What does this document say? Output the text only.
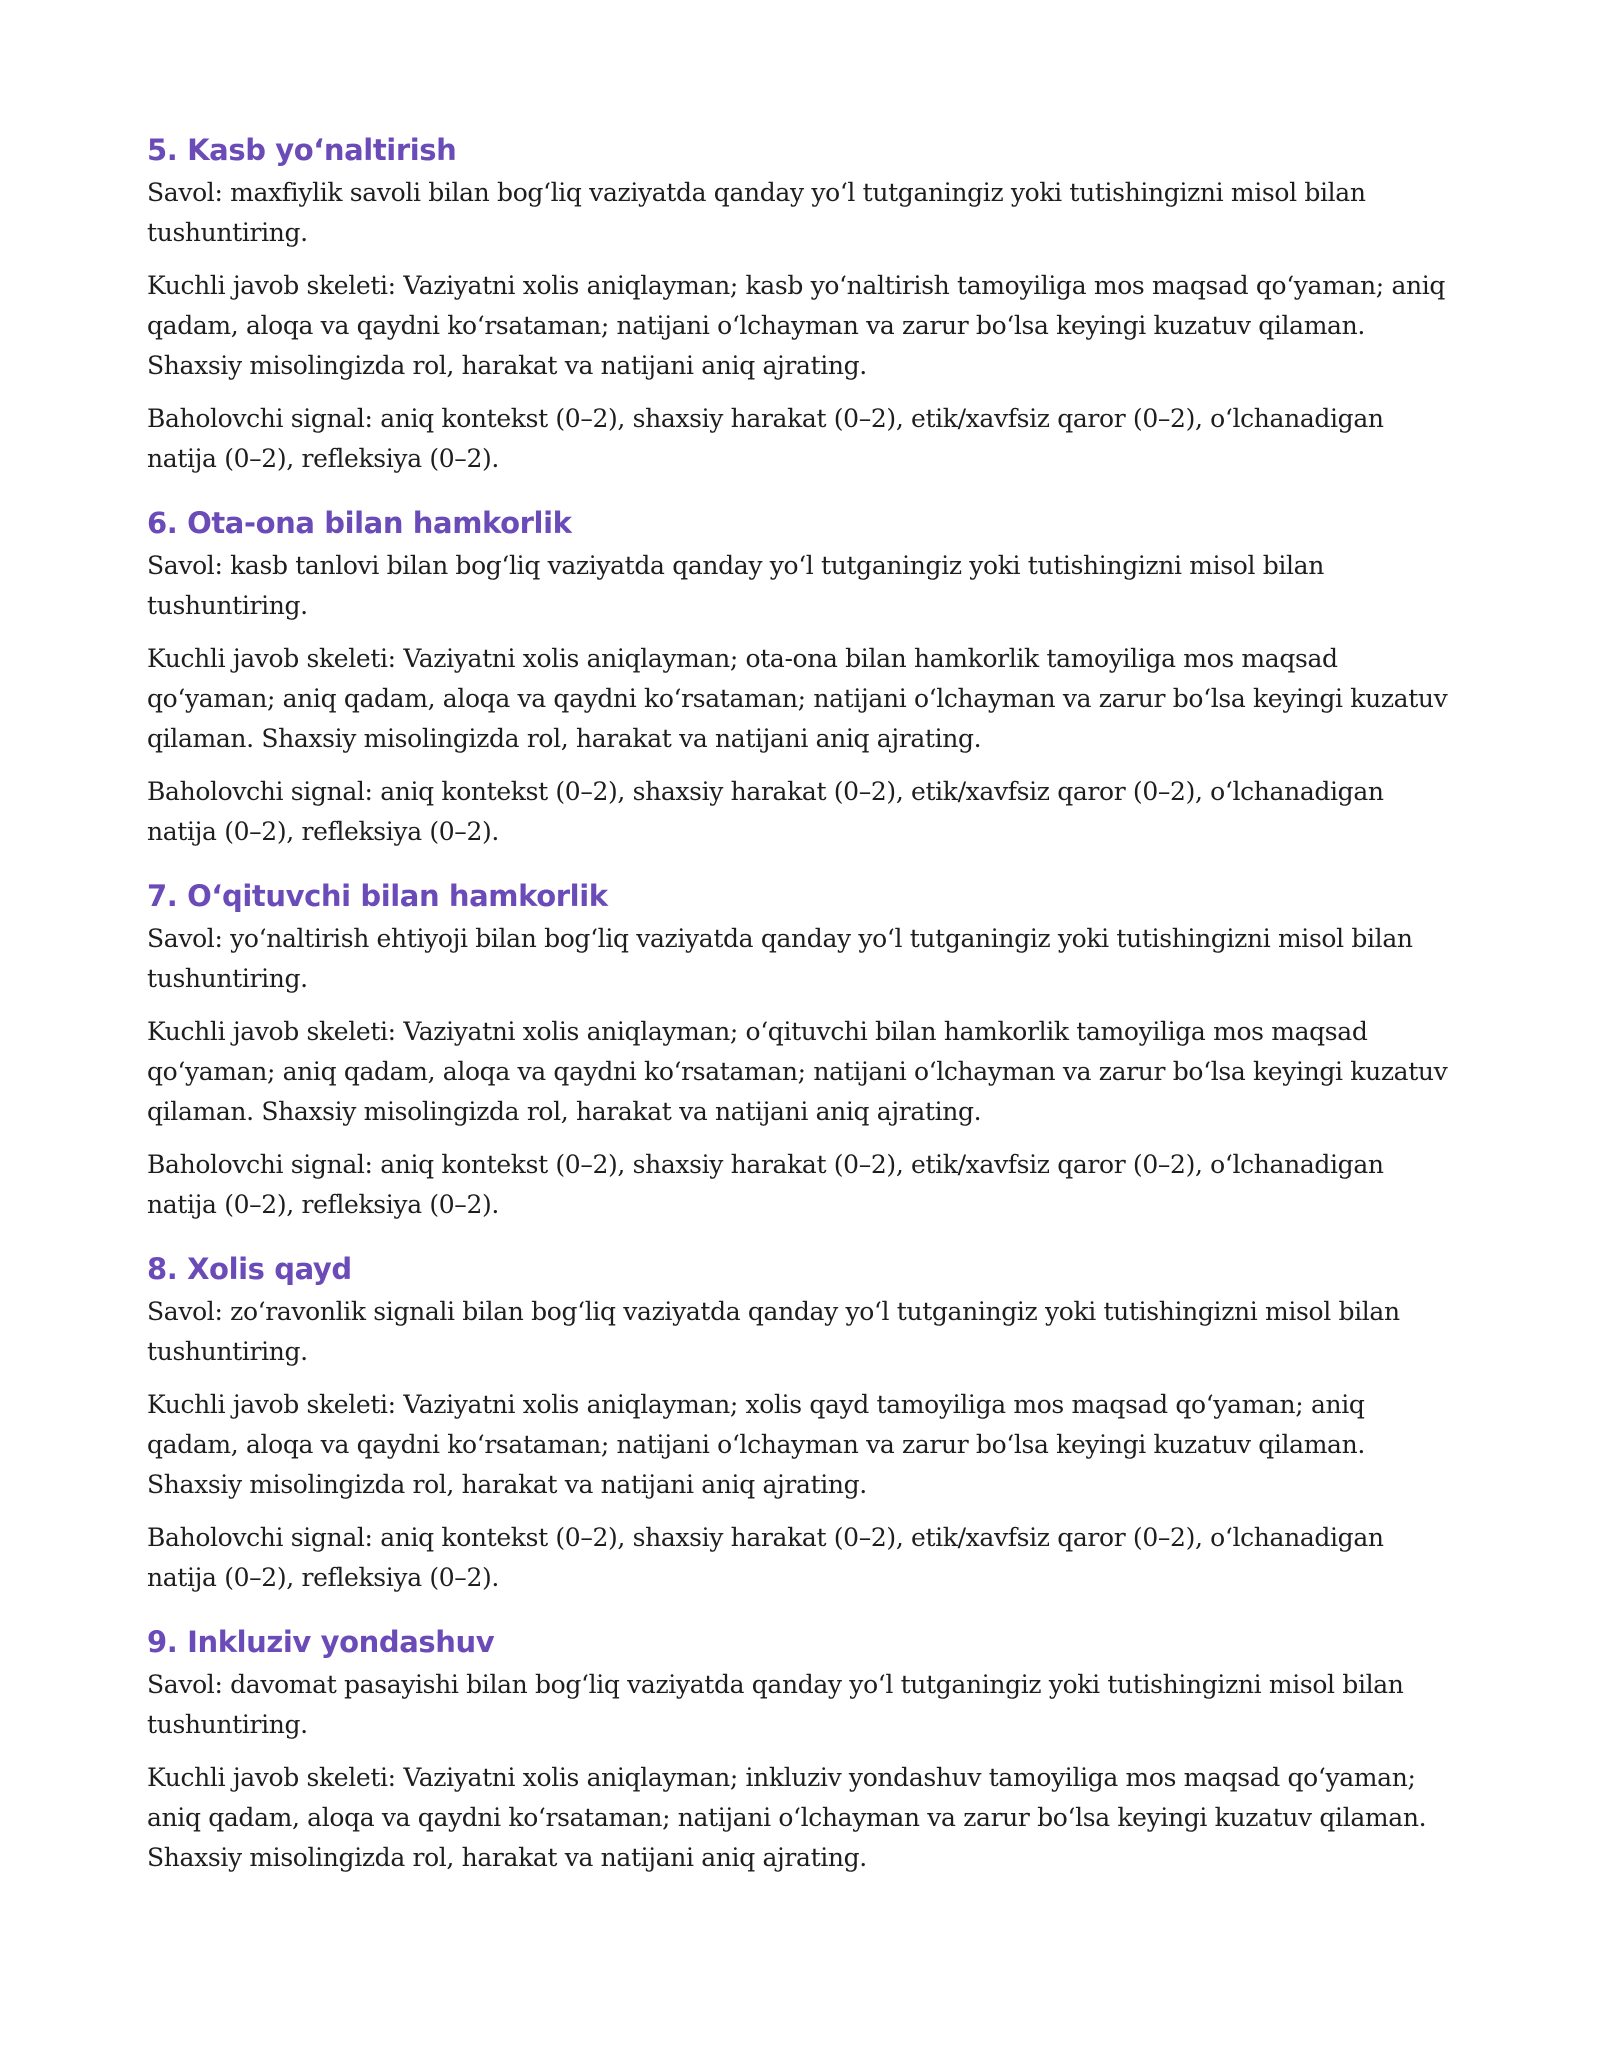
5. Kasb yoʻnaltirish

Savol: maxfiylik savoli bilan bogʻliq vaziyatda qanday yoʻl tutganingiz yoki tutishingizni misol bilan tushuntiring.

Kuchli javob skeleti: Vaziyatni xolis aniqlayman; kasb yoʻnaltirish tamoyiliga mos maqsad qoʻyaman; aniq qadam, aloqa va qaydni koʻrsataman; natijani oʻlchayman va zarur boʻlsa keyingi kuzatuv qilaman. Shaxsiy misolingizda rol, harakat va natijani aniq ajrating.

Baholovchi signal: aniq kontekst (0–2), shaxsiy harakat (0–2), etik/xavfsiz qaror (0–2), oʻlchanadigan natija (0–2), refleksiya (0–2).

6. Ota-ona bilan hamkorlik

Savol: kasb tanlovi bilan bogʻliq vaziyatda qanday yoʻl tutganingiz yoki tutishingizni misol bilan tushuntiring.

Kuchli javob skeleti: Vaziyatni xolis aniqlayman; ota-ona bilan hamkorlik tamoyiliga mos maqsad qoʻyaman; aniq qadam, aloqa va qaydni koʻrsataman; natijani oʻlchayman va zarur boʻlsa keyingi kuzatuv qilaman. Shaxsiy misolingizda rol, harakat va natijani aniq ajrating.

Baholovchi signal: aniq kontekst (0–2), shaxsiy harakat (0–2), etik/xavfsiz qaror (0–2), oʻlchanadigan natija (0–2), refleksiya (0–2).

7. Oʻqituvchi bilan hamkorlik

Savol: yoʻnaltirish ehtiyoji bilan bogʻliq vaziyatda qanday yoʻl tutganingiz yoki tutishingizni misol bilan tushuntiring.

Kuchli javob skeleti: Vaziyatni xolis aniqlayman; oʻqituvchi bilan hamkorlik tamoyiliga mos maqsad qoʻyaman; aniq qadam, aloqa va qaydni koʻrsataman; natijani oʻlchayman va zarur boʻlsa keyingi kuzatuv qilaman. Shaxsiy misolingizda rol, harakat va natijani aniq ajrating.

Baholovchi signal: aniq kontekst (0–2), shaxsiy harakat (0–2), etik/xavfsiz qaror (0–2), oʻlchanadigan natija (0–2), refleksiya (0–2).

8. Xolis qayd

Savol: zoʻravonlik signali bilan bogʻliq vaziyatda qanday yoʻl tutganingiz yoki tutishingizni misol bilan tushuntiring.

Kuchli javob skeleti: Vaziyatni xolis aniqlayman; xolis qayd tamoyiliga mos maqsad qoʻyaman; aniq qadam, aloqa va qaydni koʻrsataman; natijani oʻlchayman va zarur boʻlsa keyingi kuzatuv qilaman. Shaxsiy misolingizda rol, harakat va natijani aniq ajrating.

Baholovchi signal: aniq kontekst (0–2), shaxsiy harakat (0–2), etik/xavfsiz qaror (0–2), oʻlchanadigan natija (0–2), refleksiya (0–2).

9. Inkluziv yondashuv

Savol: davomat pasayishi bilan bogʻliq vaziyatda qanday yoʻl tutganingiz yoki tutishingizni misol bilan tushuntiring.

Kuchli javob skeleti: Vaziyatni xolis aniqlayman; inkluziv yondashuv tamoyiliga mos maqsad qoʻyaman; aniq qadam, aloqa va qaydni koʻrsataman; natijani oʻlchayman va zarur boʻlsa keyingi kuzatuv qilaman. Shaxsiy misolingizda rol, harakat va natijani aniq ajrating.
